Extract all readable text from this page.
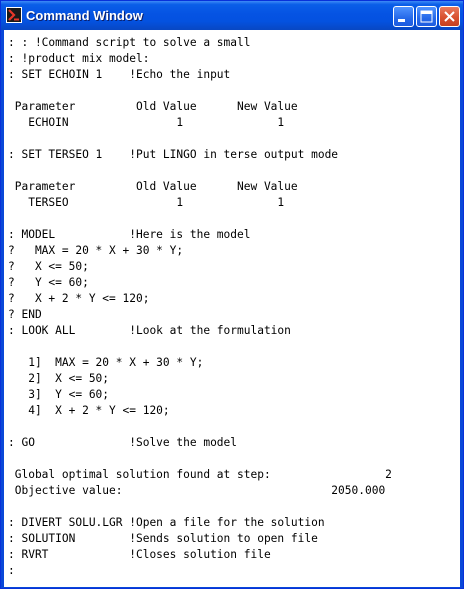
Command Window
: : !Command script to solve a small
: !product mix model:
: SET ECHOIN 1    !Echo the input

Parameter         Old Value      New Value
ECHOIN                1              1

: SET TERSEO 1    !Put LINGO in terse output mode

Parameter         Old Value      New Value
TERSEO                1              1

: MODEL           !Here is the model
?   MAX = 20 * X + 30 * Y;
?   X <= 50;
?   Y <= 60;
?   X + 2 * Y <= 120;
? END
: LOOK ALL        !Look at the formulation

1]  MAX = 20 * X + 30 * Y;
2]  X <= 50;
3]  Y <= 60;
4]  X + 2 * Y <= 120;

: GO              !Solve the model

Global optimal solution found at step:                 2
Objective value:                               2050.000

: DIVERT SOLU.LGR !Open a file for the solution
: SOLUTION        !Sends solution to open file
: RVRT            !Closes solution file
:
